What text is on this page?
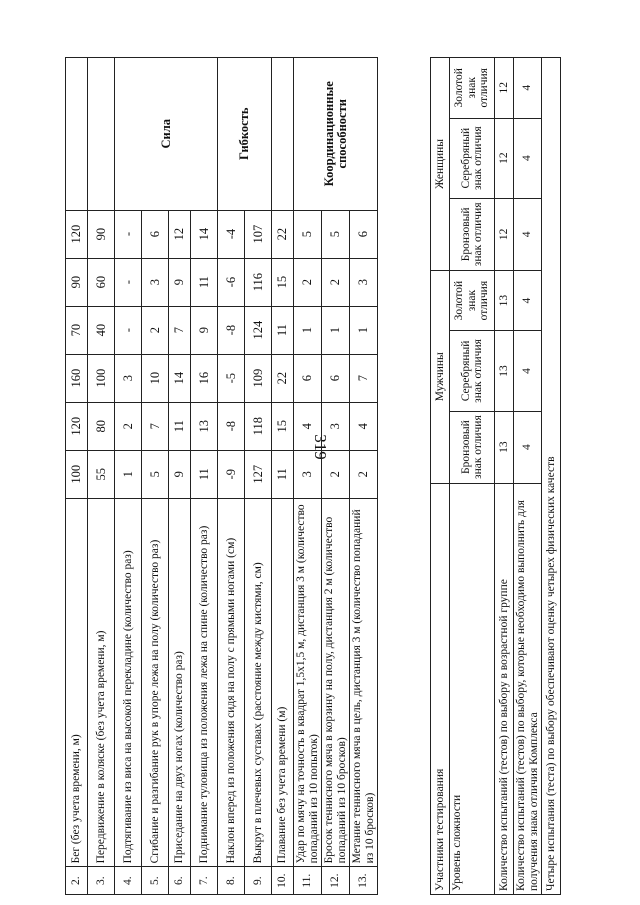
319
2.	Бег (без учета времени, м)	100	120	160	70	90	120	
3.	Передвижение в коляске (без учета времени, м)	55	80	100	40	60	90	
4.	Подтягивание из виса на высокой перекладине (количество раз)	1	2	3	-	-	-	Сила
5.	Сгибание и разгибание рук в упоре лежа на полу (количество раз)	5	7	10	2	3	6	
6.	Приседание на двух ногах (количество раз)	9	11	14	7	9	12	
7.	Поднимание туловища из положения лежа на спине (количество раз)	11	13	16	9	11	14	
8.	Наклон вперед из положения сидя на полу с прямыми ногами (см)	-9	-8	-5	-8	-6	-4	Гибкость
9.	Выкрут в плечевых суставах (расстояние между кистями, см)	127	118	109	124	116	107	
10.	Плавание без учета времени (м)	11	15	22	11	15	22	
11.	Удар по мячу на точность в квадрат 1,5x1,5 м, дистанция 3 м (количество попаданий из 10 попыток)	3	4	6	1	2	5	Координационные способности
12.	Бросок теннисного мяча в корзину на полу, дистанция 2 м (количество попаданий из 10 бросков)	2	3	6	1	2	5	
13.	Метание теннисного мяча в цель, дистанция 3 м (количество попаданий из 10 бросков)	2	4	7	1	3	6	
Участники тестирования	Мужчины			Женщины		
Уровень сложности	Бронзовый знак отличия	Серебряный знак отличия	Золотой знак отличия	Бронзовый знак отличия	Серебряный знак отличия	Золотой знак отличия
Количество испытаний (тестов) по выбору в возрастной группе	13	13	13	12	12	12
Количество испытаний (тестов) по выбору, которые необходимо выполнить для получения знака отличия Комплекса	4	4	4	4	4	4
Четыре испытания (теста) по выбору обеспечивают оценку четырех физических качеств						
